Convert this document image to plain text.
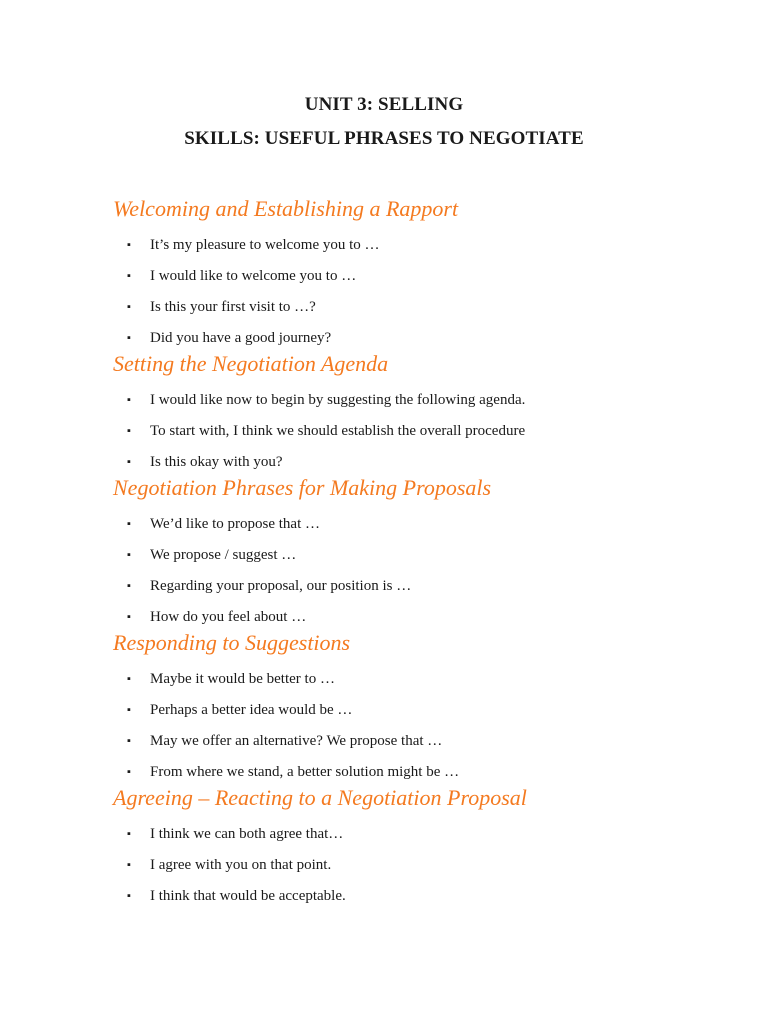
UNIT 3: SELLING
SKILLS: USEFUL PHRASES TO NEGOTIATE
Welcoming and Establishing a Rapport
▪ It’s my pleasure to welcome you to …
▪ I would like to welcome you to …
▪ Is this your first visit to …?
▪ Did you have a good journey?
Setting the Negotiation Agenda
▪ I would like now to begin by suggesting the following agenda.
▪ To start with, I think we should establish the overall procedure
▪ Is this okay with you?
Negotiation Phrases for Making Proposals
▪ We’d like to propose that …
▪ We propose / suggest …
▪ Regarding your proposal, our position is …
▪ How do you feel about …
Responding to Suggestions
▪ Maybe it would be better to …
▪ Perhaps a better idea would be …
▪ May we offer an alternative? We propose that …
▪ From where we stand, a better solution might be …
Agreeing – Reacting to a Negotiation Proposal
▪ I think we can both agree that…
▪ I agree with you on that point.
▪ I think that would be acceptable.
